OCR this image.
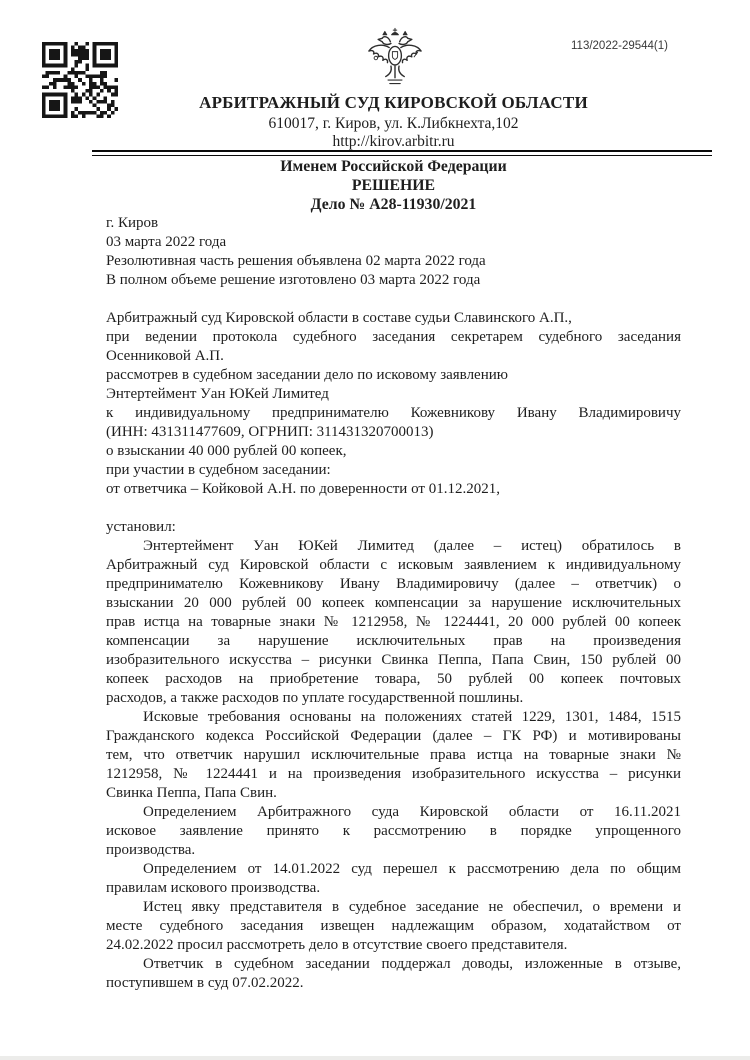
113/2022-29544(1)
АРБИТРАЖНЫЙ СУД КИРОВСКОЙ ОБЛАСТИ
610017, г. Киров, ул. К.Либкнехта,102
http://kirov.arbitr.ru
Именем Российской Федерации
РЕШЕНИЕ
Дело № А28-11930/2021
г. Киров
03 марта 2022 года
Резолютивная часть решения объявлена 02 марта 2022 года
В полном объеме решение изготовлено 03 марта 2022 года

Арбитражный суд Кировской области в составе судьи Славинского А.П.,
при ведении протокола судебного заседания секретарем судебного заседания
Осенниковой А.П.
рассмотрев в судебном заседании дело по исковому заявлению
Энтертеймент Уан ЮКей Лимитед
к индивидуальному предпринимателю Кожевникову Ивану Владимировичу
(ИНН: 431311477609, ОГРНИП: 311431320700013)
о взыскании 40 000 рублей 00 копеек,
при участии в судебном заседании:
от ответчика – Койковой А.Н. по доверенности от 01.12.2021,

установил:
Энтертеймент Уан ЮКей Лимитед (далее – истец) обратилось в
Арбитражный суд Кировской области с исковым заявлением к индивидуальному
предпринимателю Кожевникову Ивану Владимировичу (далее – ответчик) о
взыскании 20 000 рублей 00 копеек компенсации за нарушение исключительных
прав истца на товарные знаки № 1212958, № 1224441, 20 000 рублей 00 копеек
компенсации за нарушение исключительных прав на произведения
изобразительного искусства – рисунки Свинка Пеппа, Папа Свин, 150 рублей 00
копеек расходов на приобретение товара, 50 рублей 00 копеек почтовых
расходов, а также расходов по уплате государственной пошлины.
Исковые требования основаны на положениях статей 1229, 1301, 1484, 1515
Гражданского кодекса Российской Федерации (далее – ГК РФ) и мотивированы
тем, что ответчик нарушил исключительные права истца на товарные знаки №
1212958, № 1224441 и на произведения изобразительного искусства – рисунки
Свинка Пеппа, Папа Свин.
Определением Арбитражного суда Кировской области от 16.11.2021
исковое заявление принято к рассмотрению в порядке упрощенного
производства.
Определением от 14.01.2022 суд перешел к рассмотрению дела по общим
правилам искового производства.
Истец явку представителя в судебное заседание не обеспечил, о времени и
месте судебного заседания извещен надлежащим образом, ходатайством от
24.02.2022 просил рассмотреть дело в отсутствие своего представителя.
Ответчик в судебном заседании поддержал доводы, изложенные в отзыве,
поступившем в суд 07.02.2022.
